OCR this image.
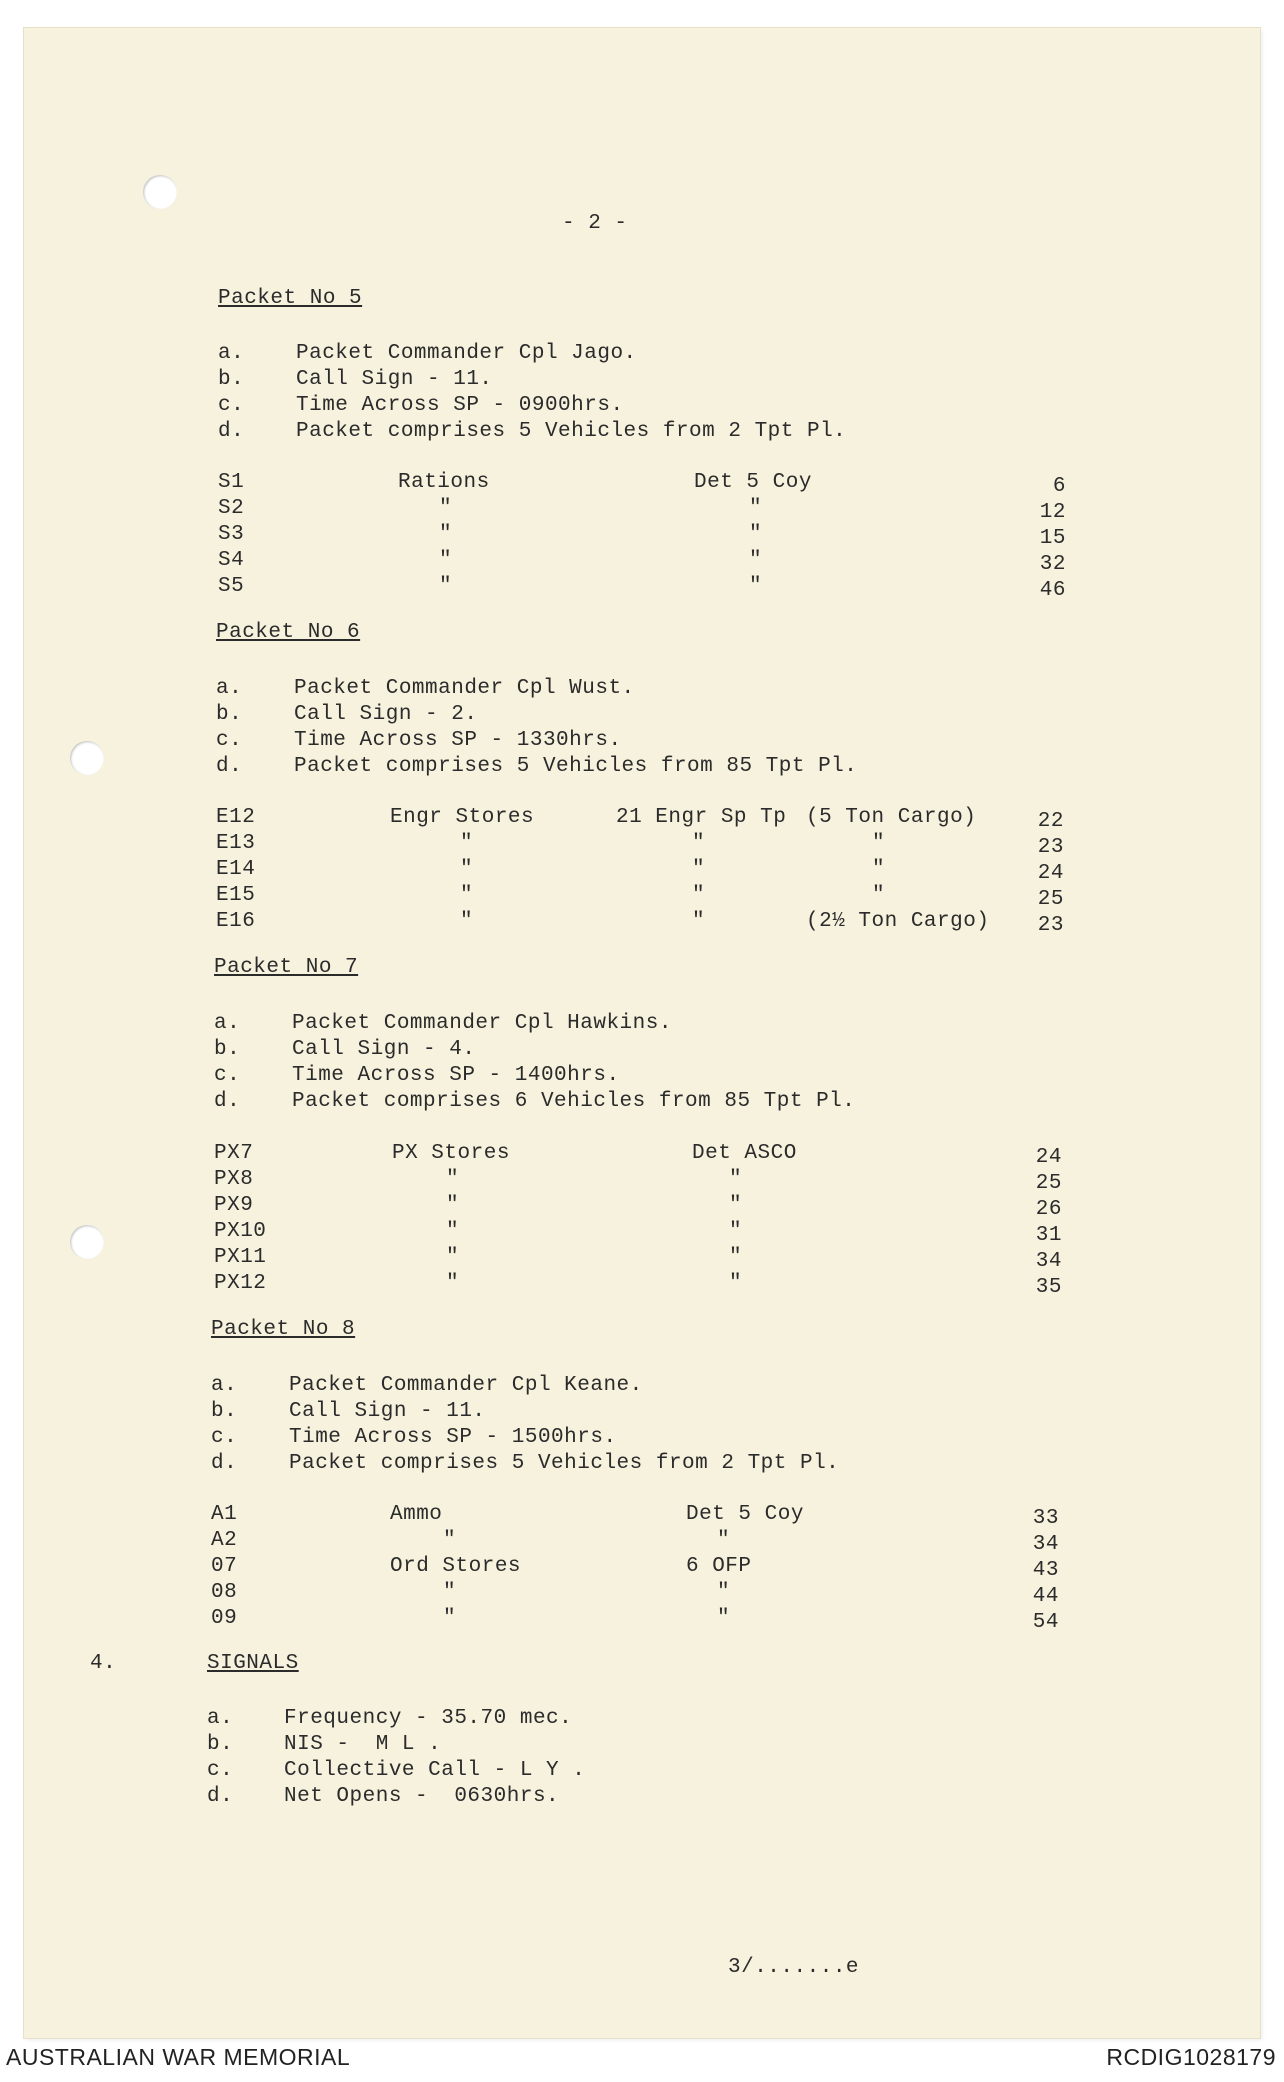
- 2 -
Packet No 5
a. Packet Commander Cpl Jago.
b. Call Sign - 11.
c. Time Across SP - 0900hrs.
d. Packet comprises 5 Vehicles from 2 Tpt Pl.
S1	Rations	Det 5 Coy	6
S2	"	"	12
S3	"	"	15
S4	"	"	32
S5	"	"	46
Packet No 6
a. Packet Commander Cpl Wust.
b. Call Sign - 2.
c. Time Across SP - 1330hrs.
d. Packet comprises 5 Vehicles from 85 Tpt Pl.
E12	Engr Stores	21 Engr Sp Tp (5 Ton Cargo)	22
E13	"	"	"	23
E14	"	"	"	24
E15	"	"	"	25
E16	"	"	(2½ Ton Cargo)	23
Packet No 7
a. Packet Commander Cpl Hawkins.
b. Call Sign - 4.
c. Time Across SP - 1400hrs.
d. Packet comprises 6 Vehicles from 85 Tpt Pl.
PX7	PX Stores	Det ASCO	24
PX8	"	"	25
PX9	"	"	26
PX10	"	"	31
PX11	"	"	34
PX12	"	"	35
Packet No 8
a. Packet Commander Cpl Keane.
b. Call Sign - 11.
c. Time Across SP - 1500hrs.
d. Packet comprises 5 Vehicles from 2 Tpt Pl.
A1	Ammo	Det 5 Coy	33
A2	"	"	34
07	Ord Stores	6 OFP	43
08	"	"	44
09	"	"	54
4.	SIGNALS
a. Frequency - 35.70 mec.
b. NIS -  M L .
c. Collective Call - L Y .
d. Net Opens -  0630hrs.
3/.......e
AUSTRALIAN WAR MEMORIAL	RCDIG1028179
